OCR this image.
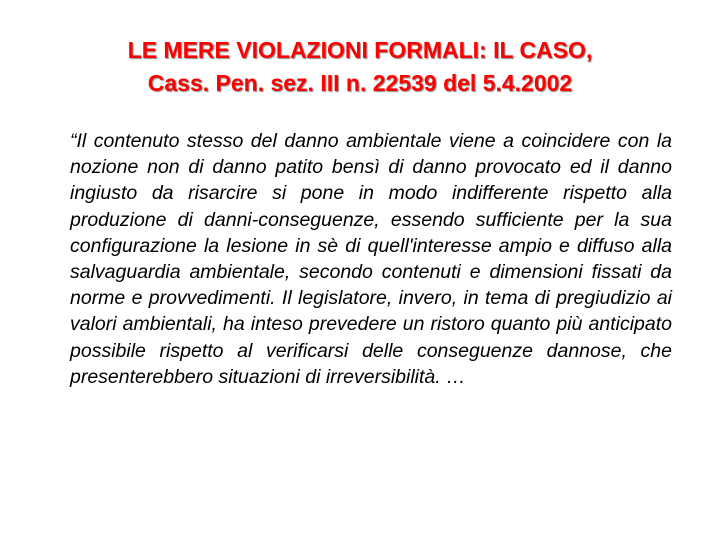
LE MERE VIOLAZIONI FORMALI: IL CASO,
Cass. Pen. sez. III n. 22539 del 5.4.2002

“Il contenuto stesso del danno ambientale viene a coincidere con la nozione non di danno patito bensì di danno provocato ed il danno ingiusto da risarcire si pone in modo indifferente rispetto alla produzione di danni-conseguenze, essendo sufficiente per la sua configurazione la lesione in sè di quell'interesse ampio e diffuso alla salvaguardia ambientale, secondo contenuti e dimensioni fissati da norme e provvedimenti. Il legislatore, invero, in tema di pregiudizio ai valori ambientali, ha inteso prevedere un ristoro quanto più anticipato possibile rispetto al verificarsi delle conseguenze dannose, che presenterebbero situazioni di irreversibilità. …
